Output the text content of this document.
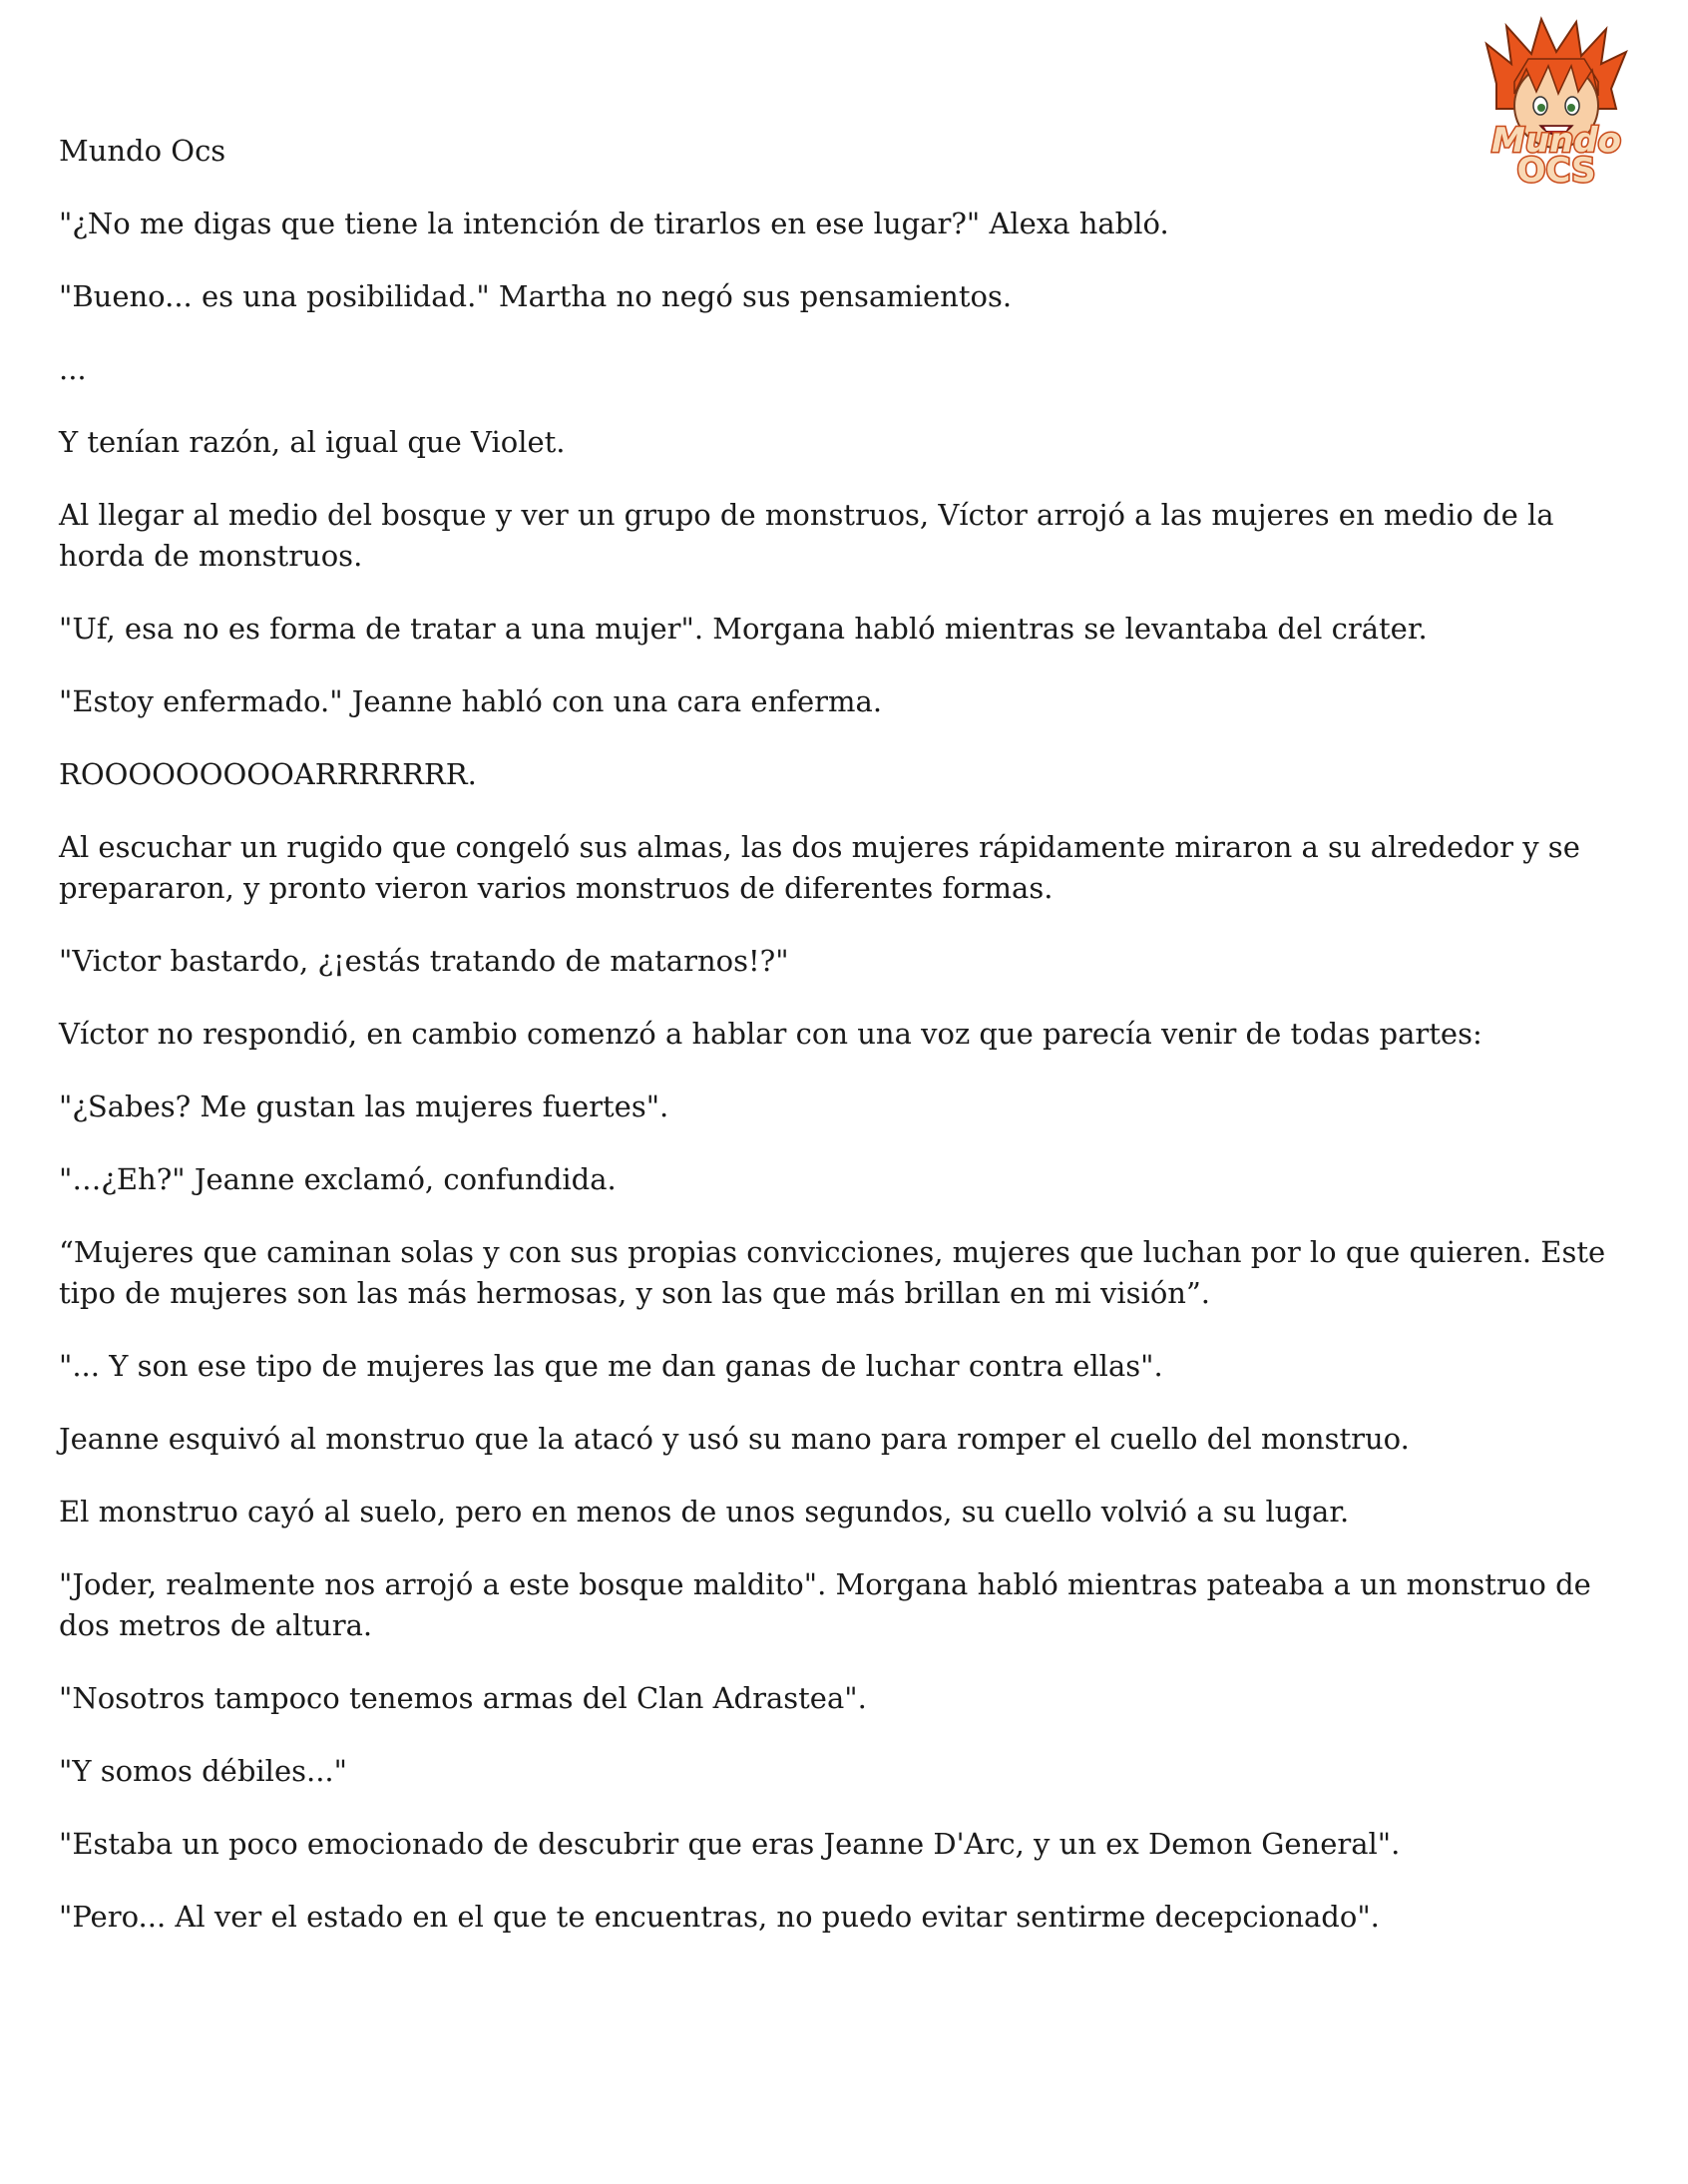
Mundo
OCS

Mundo Ocs

"¿No me digas que tiene la intención de tirarlos en ese lugar?" Alexa habló.

"Bueno... es una posibilidad." Martha no negó sus pensamientos.

...

Y tenían razón, al igual que Violet.

Al llegar al medio del bosque y ver un grupo de monstruos, Víctor arrojó a las mujeres en medio de la horda de monstruos.

"Uf, esa no es forma de tratar a una mujer". Morgana habló mientras se levantaba del cráter.

"Estoy enfermado." Jeanne habló con una cara enferma.

ROOOOOOOOOARRRRRRR.

Al escuchar un rugido que congeló sus almas, las dos mujeres rápidamente miraron a su alrededor y se prepararon, y pronto vieron varios monstruos de diferentes formas.

"Victor bastardo, ¿¡estás tratando de matarnos!?"

Víctor no respondió, en cambio comenzó a hablar con una voz que parecía venir de todas partes:

"¿Sabes? Me gustan las mujeres fuertes".

"…¿Eh?" Jeanne exclamó, confundida.

“Mujeres que caminan solas y con sus propias convicciones, mujeres que luchan por lo que quieren. Este tipo de mujeres son las más hermosas, y son las que más brillan en mi visión”.

"... Y son ese tipo de mujeres las que me dan ganas de luchar contra ellas".

Jeanne esquivó al monstruo que la atacó y usó su mano para romper el cuello del monstruo.

El monstruo cayó al suelo, pero en menos de unos segundos, su cuello volvió a su lugar.

"Joder, realmente nos arrojó a este bosque maldito". Morgana habló mientras pateaba a un monstruo de dos metros de altura.

"Nosotros tampoco tenemos armas del Clan Adrastea".

"Y somos débiles..."

"Estaba un poco emocionado de descubrir que eras Jeanne D'Arc, y un ex Demon General".

"Pero... Al ver el estado en el que te encuentras, no puedo evitar sentirme decepcionado".
